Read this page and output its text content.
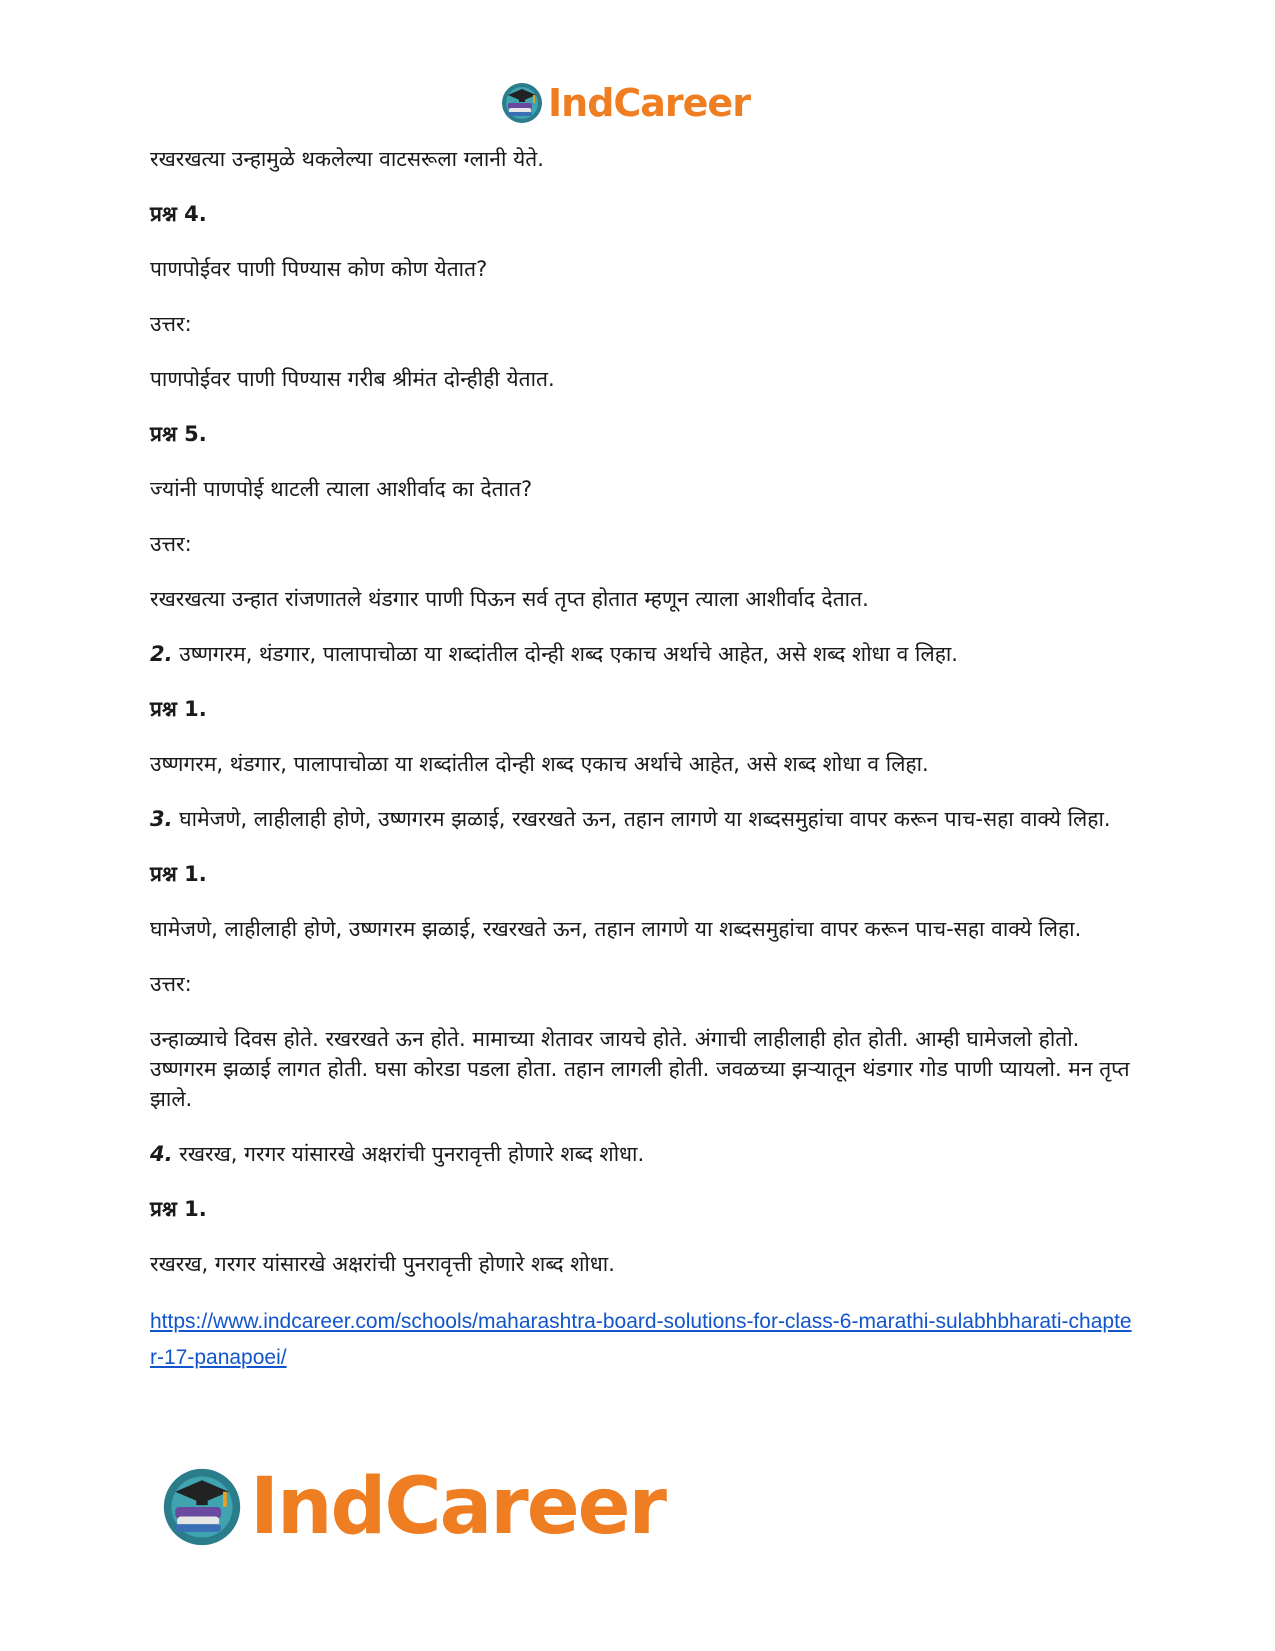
IndCareer
रखरखत्या उन्हामुळे थकलेल्या वाटसरूला ग्लानी येते.
प्रश्न 4.
पाणपोईवर पाणी पिण्यास कोण कोण येतात?
उत्तर:
पाणपोईवर पाणी पिण्यास गरीब श्रीमंत दोन्हीही येतात.
प्रश्न 5.
ज्यांनी पाणपोई थाटली त्याला आशीर्वाद का देतात?
उत्तर:
रखरखत्या उन्हात रांजणातले थंडगार पाणी पिऊन सर्व तृप्त होतात म्हणून त्याला आशीर्वाद देतात.
2. उष्णगरम, थंडगार, पालापाचोळा या शब्दांतील दोन्ही शब्द एकाच अर्थाचे आहेत, असे शब्द शोधा व लिहा.
प्रश्न 1.
उष्णगरम, थंडगार, पालापाचोळा या शब्दांतील दोन्ही शब्द एकाच अर्थाचे आहेत, असे शब्द शोधा व लिहा.
3. घामेजणे, लाहीलाही होणे, उष्णगरम झळाई, रखरखते ऊन, तहान लागणे या शब्दसमुहांचा वापर करून पाच-सहा वाक्ये लिहा.
प्रश्न 1.
घामेजणे, लाहीलाही होणे, उष्णगरम झळाई, रखरखते ऊन, तहान लागणे या शब्दसमुहांचा वापर करून पाच-सहा वाक्ये लिहा.
उत्तर:
उन्हाळ्याचे दिवस होते. रखरखते ऊन होते. मामाच्या शेतावर जायचे होते. अंगाची लाहीलाही होत होती. आम्ही घामेजलो होतो. उष्णगरम झळाई लागत होती. घसा कोरडा पडला होता. तहान लागली होती. जवळच्या झऱ्यातून थंडगार गोड पाणी प्यायलो. मन तृप्त झाले.
4. रखरख, गरगर यांसारखे अक्षरांची पुनरावृत्ती होणारे शब्द शोधा.
प्रश्न 1.
रखरख, गरगर यांसारखे अक्षरांची पुनरावृत्ती होणारे शब्द शोधा.
https://www.indcareer.com/schools/maharashtra-board-solutions-for-class-6-marathi-sulabhbharati-chapter-17-panapoei/
IndCareer
